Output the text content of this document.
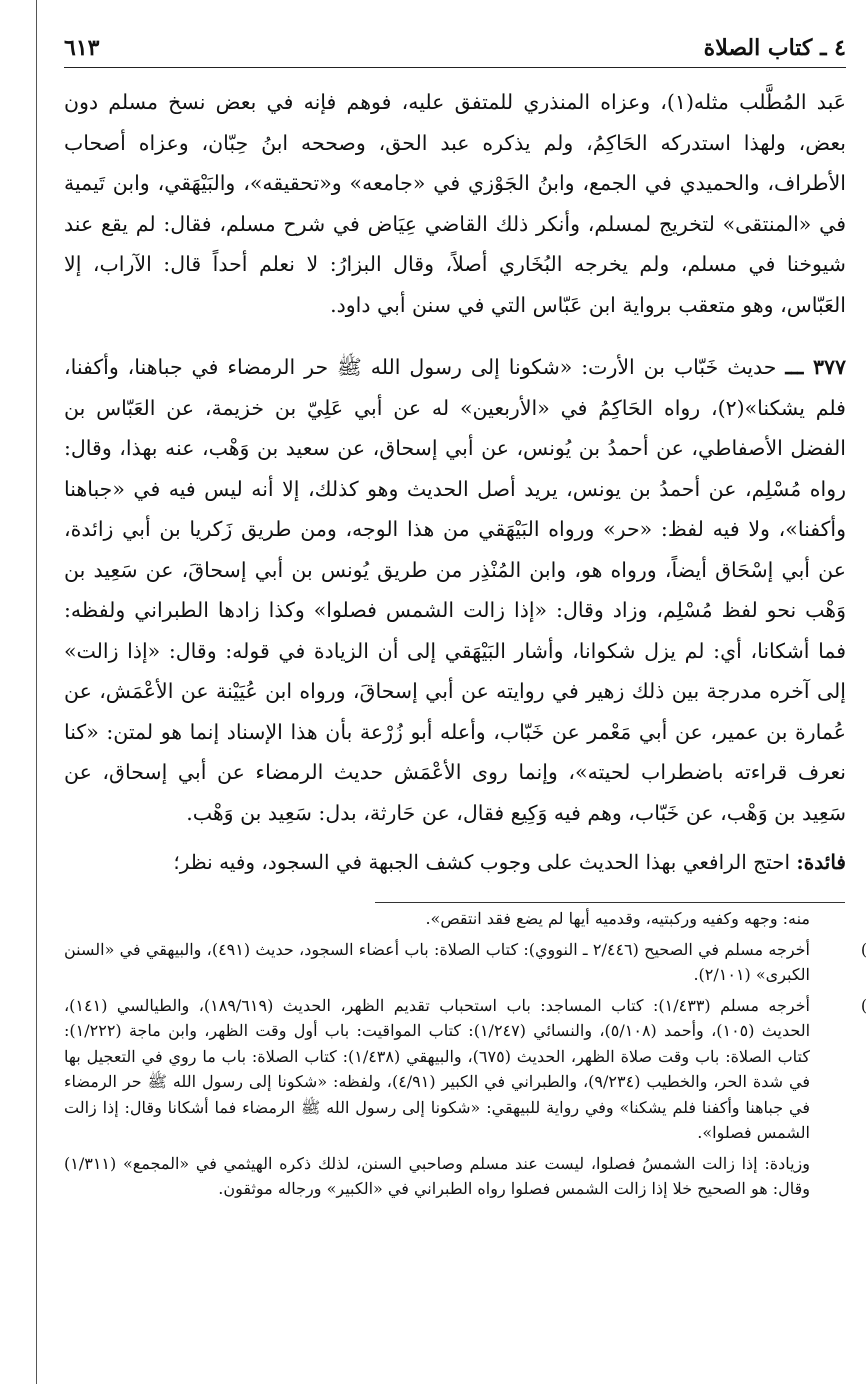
٤ ـ كتاب الصلاة
٦١٣

عَبد المُطَّلب مثله(١)، وعزاه المنذري للمتفق عليه، فوهم فإنه في بعض نسخ مسلم دون بعض، ولهذا استدركه الحَاكِمُ، ولم يذكره عبد الحق، وصححه ابنُ حِبّان، وعزاه أصحاب الأطراف، والحميدي في الجمع، وابنُ الجَوْزي في «جامعه» و«تحقيقه»، والبَيْهَقي، وابن تَيمية في «المنتقى» لتخريج لمسلم، وأنكر ذلك القاضي عِيَاض في شرح مسلم، فقال: لم يقع عند شيوخنا في مسلم، ولم يخرجه البُخَاري أصلاً، وقال البزارُ: لا نعلم أحداً قال: الآراب، إلا العَبّاس، وهو متعقب برواية ابن عَبّاس التي في سنن أبي داود.

٣٧٧ ـــ حديث خَبّاب بن الأرت: «شكونا إلى رسول الله ﷺ حر الرمضاء في جباهنا، وأكفنا، فلم يشكنا»(٢)، رواه الحَاكِمُ في «الأربعين» له عن أبي عَلِيّ بن خزيمة، عن العَبّاس بن الفضل الأصفاطي، عن أحمدُ بن يُونس، عن أبي إسحاق، عن سعيد بن وَهْب، عنه بهذا، وقال: رواه مُسْلِم، عن أحمدُ بن يونس، يريد أصل الحديث وهو كذلك، إلا أنه ليس فيه في «جباهنا وأكفنا»، ولا فيه لفظ: «حر» ورواه البَيْهَقي من هذا الوجه، ومن طريق زَكريا بن أبي زائدة، عن أبي إسْحَاق أيضاً، ورواه هو، وابن المُنْذِر من طريق يُونس بن أبي إسحاقَ، عن سَعِيد بن وَهْب نحو لفظ مُسْلِم، وزاد وقال: «إذا زالت الشمس فصلوا» وكذا زادها الطبراني ولفظه: فما أشكانا، أي: لم يزل شكوانا، وأشار البَيْهَقي إلى أن الزيادة في قوله: وقال: «إذا زالت» إلى آخره مدرجة بين ذلك زهير في روايته عن أبي إسحاقَ، ورواه ابن عُيَيْنة عن الأعْمَش، عن عُمارة بن عمير، عن أبي مَعْمر عن خَبّاب، وأعله أبو زُرْعة بأن هذا الإسناد إنما هو لمتن: «كنا نعرف قراءته باضطراب لحيته»، وإنما روى الأعْمَش حديث الرمضاء عن أبي إسحاق، عن سَعِيد بن وَهْب، عن خَبّاب، وهم فيه وَكِيع فقال، عن حَارثة، بدل: سَعِيد بن وَهْب.

فائدة: احتج الرافعي بهذا الحديث على وجوب كشف الجبهة في السجود، وفيه نظر؛

منه: وجهه وكفيه وركبتيه، وقدميه أيها لم يضع فقد انتقص».

)أخرجه مسلم في الصحيح (٢/٤٤٦ ـ النووي): كتاب الصلاة: باب أعضاء السجود، حديث (٤٩١)، والبيهقي في «السنن الكبرى» (٢/١٠١).

)أخرجه مسلم (١/٤٣٣): كتاب المساجد: باب استحباب تقديم الظهر، الحديث (١٨٩/٦١٩)، والطيالسي (١٤١)، الحديث (١٠٥)، وأحمد (٥/١٠٨)، والنسائي (١/٢٤٧): كتاب المواقيت: باب أول وقت الظهر، وابن ماجة (١/٢٢٢): كتاب الصلاة: باب وقت صلاة الظهر، الحديث (٦٧٥)، والبيهقي (١/٤٣٨): كتاب الصلاة: باب ما روي في التعجيل بها في شدة الحر، والخطيب (٩/٢٣٤)، والطبراني في الكبير (٤/٩١)، ولفظه: «شكونا إلى رسول الله ﷺ حر الرمضاء في جباهنا وأكفنا فلم يشكنا» وفي رواية للبيهقي: «شكونا إلى رسول الله ﷺ الرمضاء فما أشكانا وقال: إذا زالت الشمس فصلوا».

وزيادة: إذا زالت الشمسُ فصلوا، ليست عند مسلم وصاحبي السنن، لذلك ذكره الهيثمي في «المجمع» (١/٣١١) وقال: هو الصحيح خلا إذا زالت الشمس فصلوا رواه الطبراني في «الكبير» ورجاله موثقون.
